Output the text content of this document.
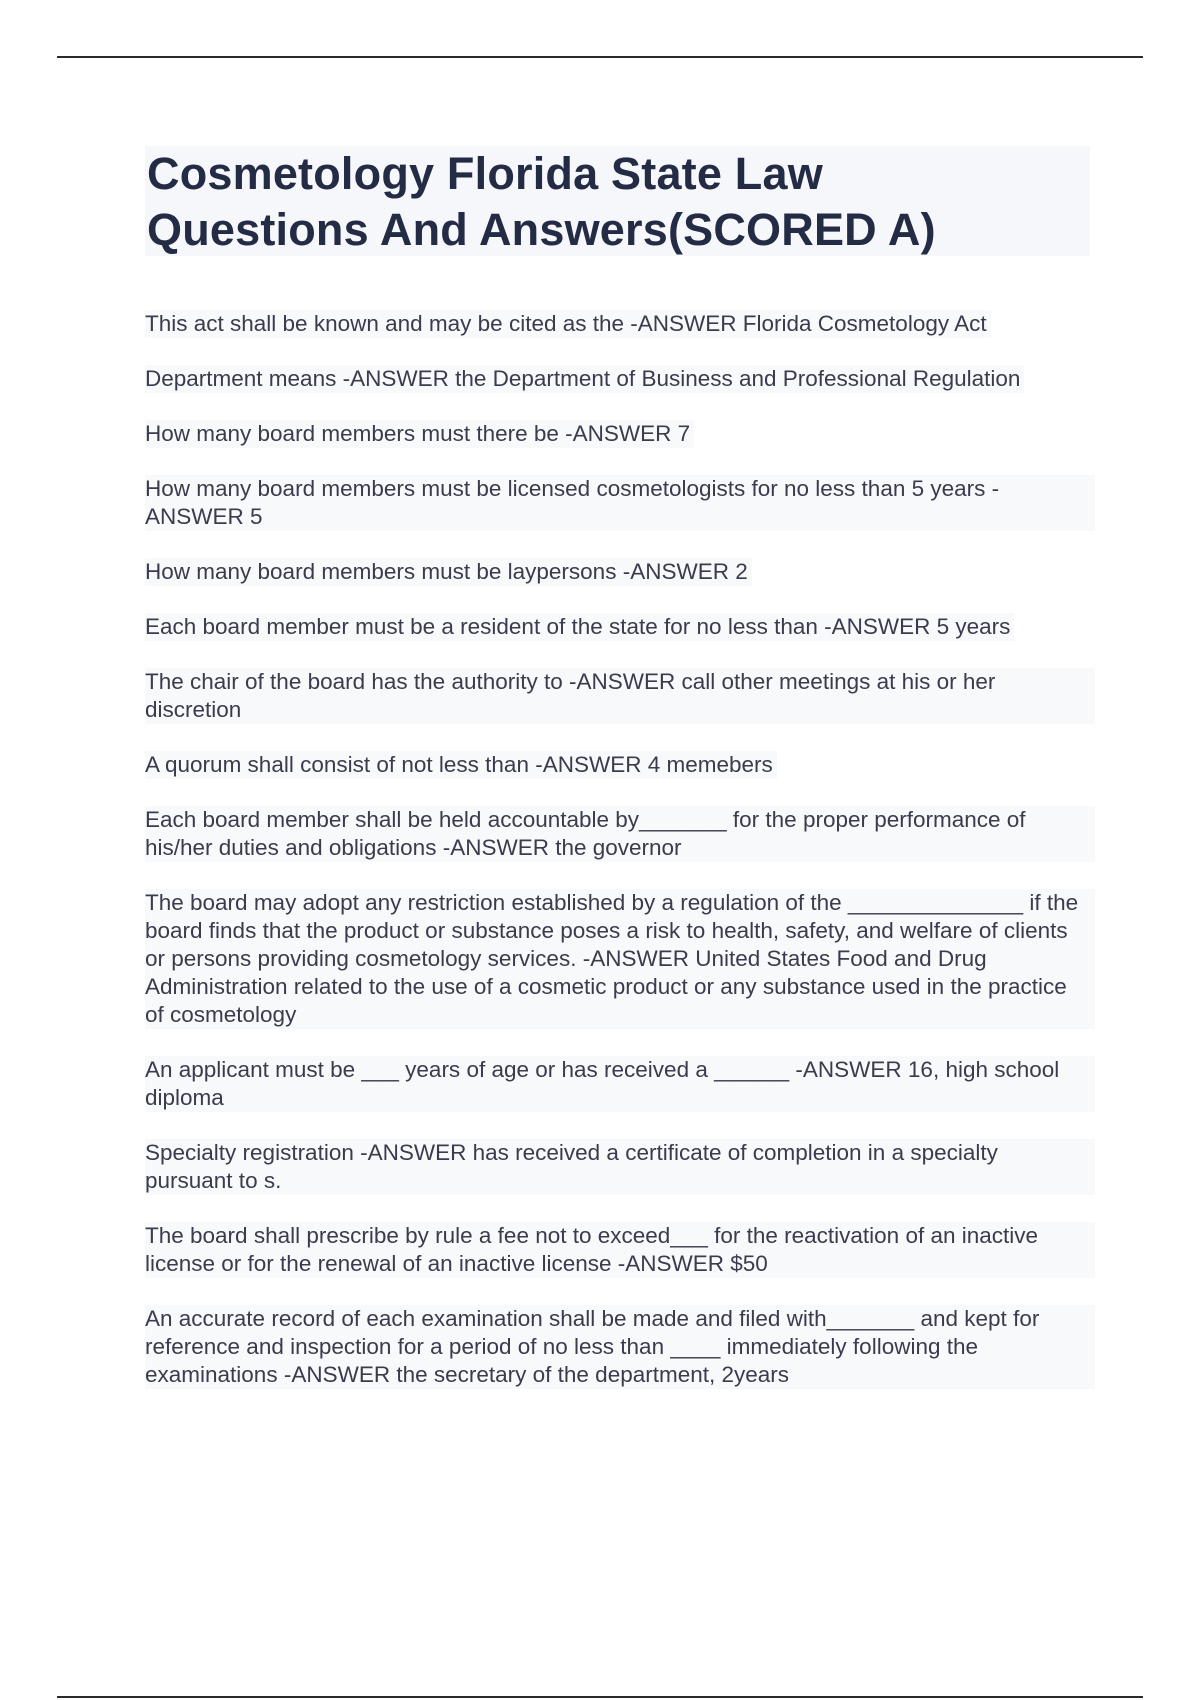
Cosmetology Florida State Law
Questions And Answers(SCORED A)

This act shall be known and may be cited as the -ANSWER Florida Cosmetology Act

Department means -ANSWER the Department of Business and Professional Regulation

How many board members must there be -ANSWER 7

How many board members must be licensed cosmetologists for no less than 5 years -ANSWER 5

How many board members must be laypersons -ANSWER 2

Each board member must be a resident of the state for no less than -ANSWER 5 years

The chair of the board has the authority to -ANSWER call other meetings at his or her discretion

A quorum shall consist of not less than -ANSWER 4 memebers

Each board member shall be held accountable by_______ for the proper performance of his/her duties and obligations -ANSWER the governor

The board may adopt any restriction established by a regulation of the ______________ if the board finds that the product or substance poses a risk to health, safety, and welfare of clients or persons providing cosmetology services. -ANSWER United States Food and Drug Administration related to the use of a cosmetic product or any substance used in the practice of cosmetology

An applicant must be ___ years of age or has received a ______ -ANSWER 16, high school diploma

Specialty registration -ANSWER has received a certificate of completion in a specialty pursuant to s.

The board shall prescribe by rule a fee not to exceed___ for the reactivation of an inactive license or for the renewal of an inactive license -ANSWER $50

An accurate record of each examination shall be made and filed with_______ and kept for reference and inspection for a period of no less than ____ immediately following the examinations -ANSWER the secretary of the department, 2years
